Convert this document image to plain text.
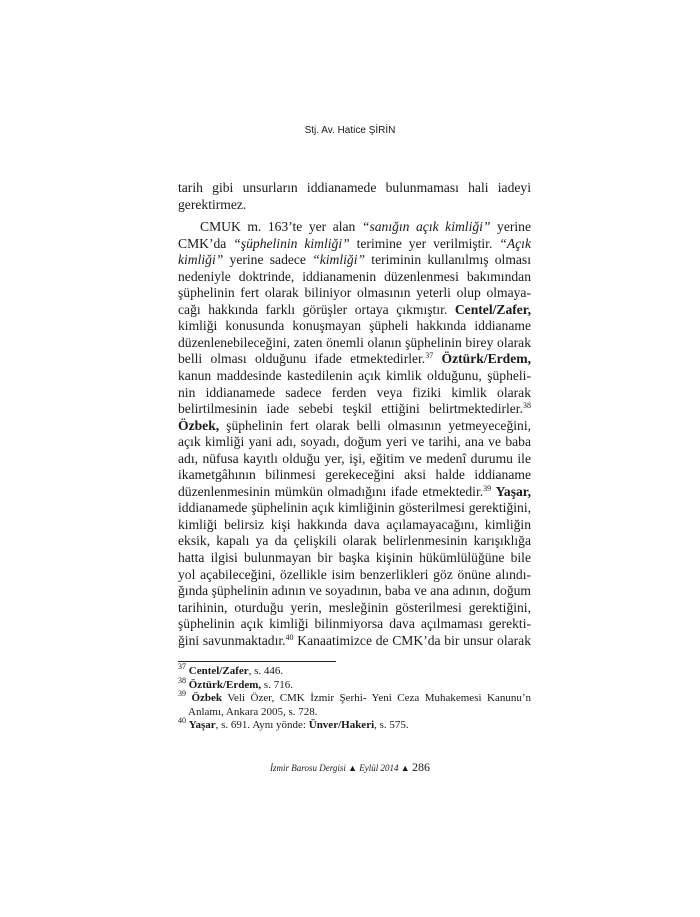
Stj. Av. Hatice ŞİRİN
tarih gibi unsurların iddianamede bulunmaması hali iadeyi
gerektirmez.
CMUK m. 163’te yer alan “sanığın açık kimliği” yerine
CMK’da “şüphelinin kimliği” terimine yer verilmiştir. “Açık
kimliği” yerine sadece “kimliği” teriminin kullanılmış olması
nedeniyle doktrinde, iddianamenin düzenlenmesi bakımından
şüphelinin fert olarak biliniyor olmasının yeterli olup olmaya-
cağı hakkında farklı görüşler ortaya çıkmıştır. Centel/Zafer,
kimliği konusunda konuşmayan şüpheli hakkında iddianame
düzenlenebileceğini, zaten önemli olanın şüphelinin birey olarak
belli olması olduğunu ifade etmektedirler.$^{37}$ Öztürk/Erdem,
kanun maddesinde kastedilenin açık kimlik olduğunu, şüpheli-
nin iddianamede sadece ferden veya fiziki kimlik olarak
belirtilmesinin iade sebebi teşkil ettiğini belirtmektedirler.$^{38}$
Özbek, şüphelinin fert olarak belli olmasının yetmeyeceğini,
açık kimliği yani adı, soyadı, doğum yeri ve tarihi, ana ve baba
adı, nüfusa kayıtlı olduğu yer, işi, eğitim ve medenî durumu ile
ikametgâhının bilinmesi gerekeceğini aksi halde iddianame
düzenlenmesinin mümkün olmadığını ifade etmektedir.$^{39}$ Yaşar,
iddianamede şüphelinin açık kimliğinin gösterilmesi gerektiğini,
kimliği belirsiz kişi hakkında dava açılamayacağını, kimliğin
eksik, kapalı ya da çelişkili olarak belirlenmesinin karışıklığa
hatta ilgisi bulunmayan bir başka kişinin hükümlülüğüne bile
yol açabileceğini, özellikle isim benzerlikleri göz önüne alındı-
ğında şüphelinin adının ve soyadının, baba ve ana adının, doğum
tarihinin, oturduğu yerin, mesleğinin gösterilmesi gerektiğini,
şüphelinin açık kimliği bilinmiyorsa dava açılmaması gerekti-
ğini savunmaktadır.$^{40}$ Kanaatimizce de CMK’da bir unsur olarak
$^{37}$ Centel/Zafer, s. 446.
$^{38}$ Öztürk/Erdem, s. 716.
$^{39}$ Özbek Veli Özer, CMK İzmir Şerhi- Yeni Ceza Muhakemesi Kanunu’n
Anlamı, Ankara 2005, s. 728.
$^{40}$ Yaşar, s. 691. Aynı yönde: Ünver/Hakeri, s. 575.
İzmir Barosu Dergisi ▲ Eylül 2014 ▲ 286
